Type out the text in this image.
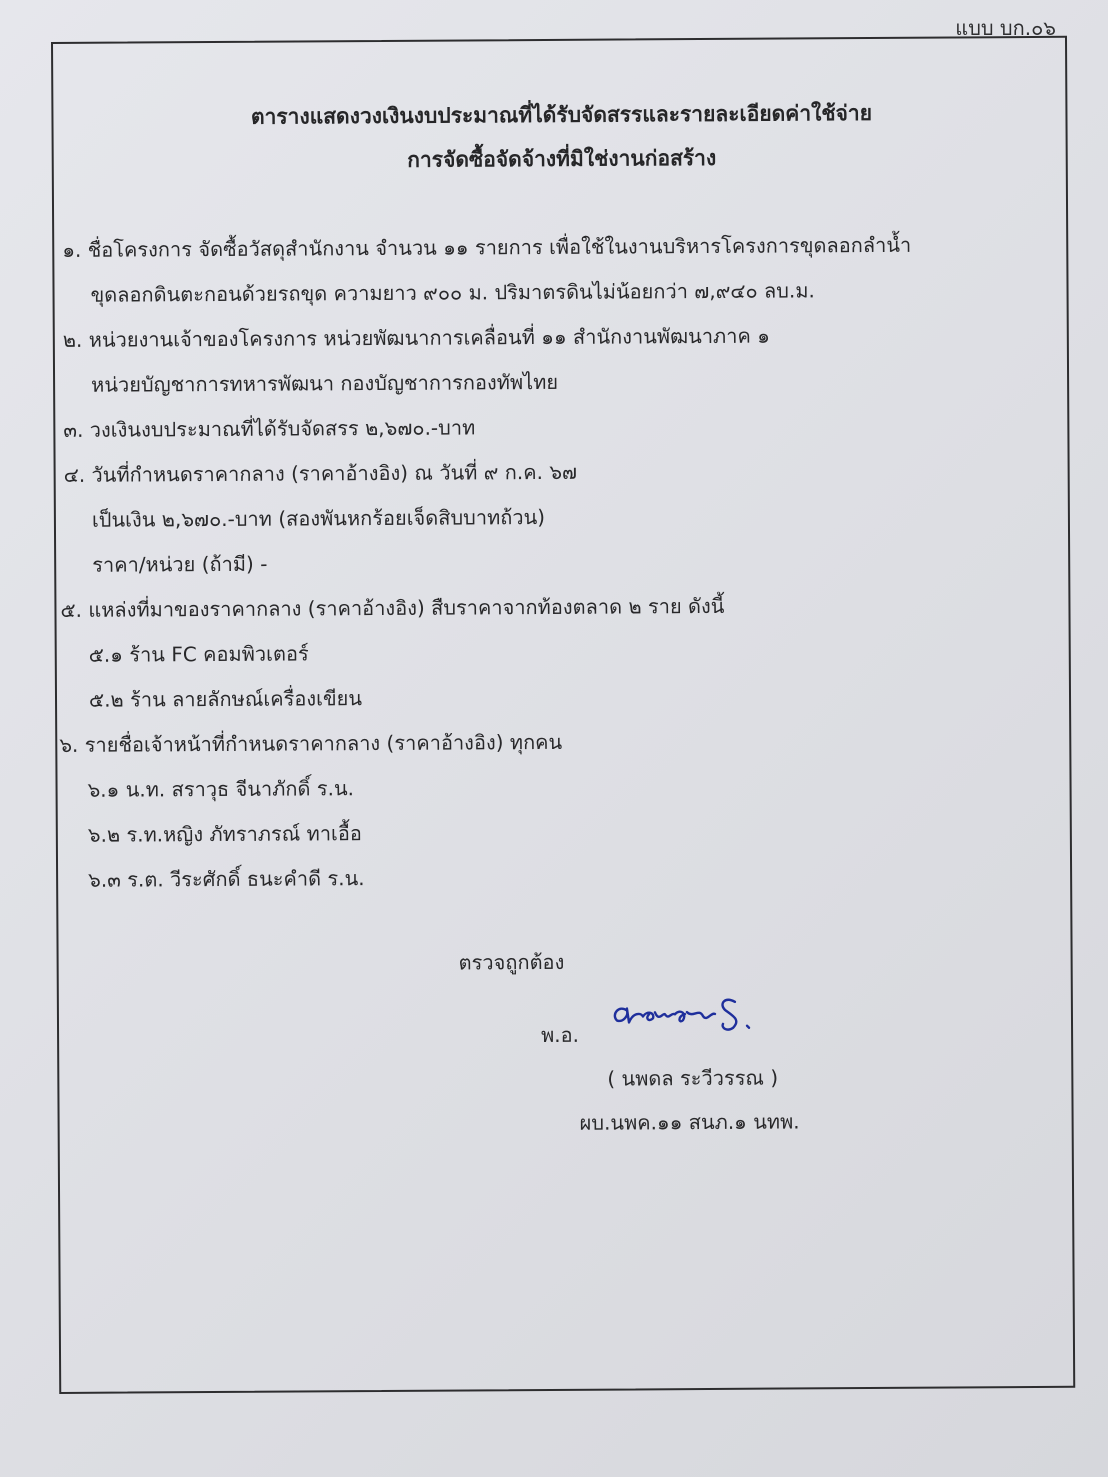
แบบ บก.๐๖
ตารางแสดงวงเงินงบประมาณที่ได้รับจัดสรรและรายละเอียดค่าใช้จ่าย
การจัดซื้อจัดจ้างที่มิใช่งานก่อสร้าง
๑. ชื่อโครงการ จัดซื้อวัสดุสำนักงาน จำนวน ๑๑ รายการ เพื่อใช้ในงานบริหารโครงการขุดลอกลำน้ำ
ขุดลอกดินตะกอนด้วยรถขุด ความยาว ๙๐๐ ม. ปริมาตรดินไม่น้อยกว่า ๗,๙๔๐ ลบ.ม.
๒. หน่วยงานเจ้าของโครงการ หน่วยพัฒนาการเคลื่อนที่ ๑๑ สำนักงานพัฒนาภาค ๑
หน่วยบัญชาการทหารพัฒนา กองบัญชาการกองทัพไทย
๓. วงเงินงบประมาณที่ได้รับจัดสรร ๒,๖๗๐.-บาท
๔. วันที่กำหนดราคากลาง (ราคาอ้างอิง) ณ วันที่ ๙ ก.ค. ๖๗
เป็นเงิน ๒,๖๗๐.-บาท (สองพันหกร้อยเจ็ดสิบบาทถ้วน)
ราคา/หน่วย (ถ้ามี) -
๕. แหล่งที่มาของราคากลาง (ราคาอ้างอิง) สืบราคาจากท้องตลาด ๒ ราย ดังนี้
๕.๑ ร้าน FC คอมพิวเตอร์
๕.๒ ร้าน ลายลักษณ์เครื่องเขียน
๖. รายชื่อเจ้าหน้าที่กำหนดราคากลาง (ราคาอ้างอิง) ทุกคน
๖.๑ น.ท. สราวุธ จีนาภักดิ์ ร.น.
๖.๒ ร.ท.หญิง ภัทราภรณ์ ทาเอื้อ
๖.๓ ร.ต. วีระศักดิ์ ธนะคำดี ร.น.
ตรวจถูกต้อง
พ.อ.
( นพดล ระวีวรรณ )
ผบ.นพค.๑๑ สนภ.๑ นทพ.
